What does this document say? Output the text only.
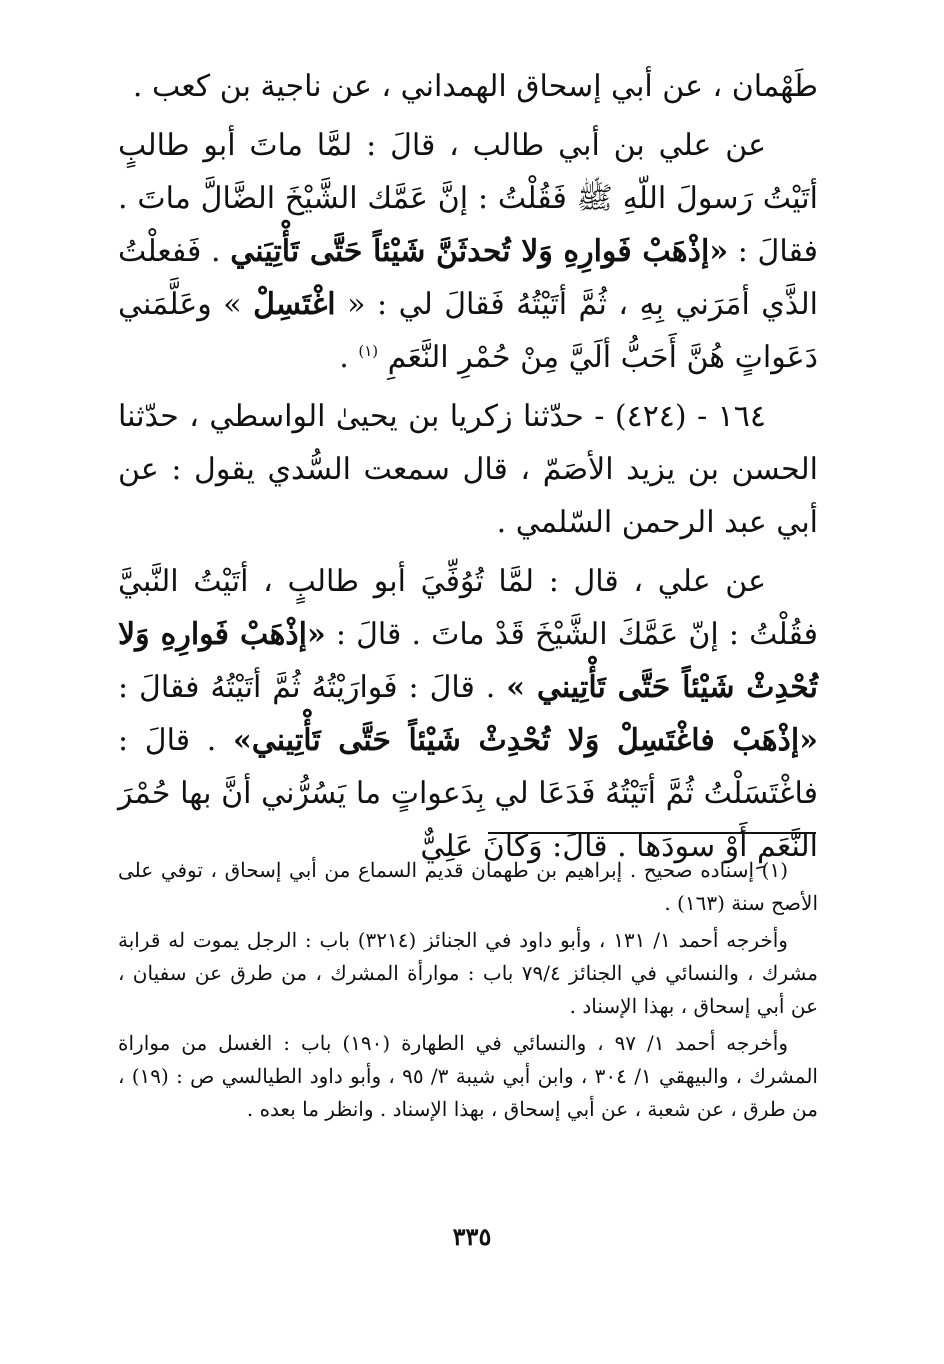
طَهْمان ، عن أبي إسحاق الهمداني ، عن ناجية بن كعب .

عن علي بن أبي طالب ، قالَ : لمَّا ماتَ أبو طالبٍ أتَيْتُ رَسولَ اللّهِ ﷺ فَقُلْتُ : إنَّ عَمَّك الشَّيْخَ الضَّالَّ ماتَ . فقالَ : «إذْهَبْ فَوارِهِ وَلا تُحدثَنَّ شَيْئاً حَتَّى تَأْتِيَني . فَفعلْتُ الذَّي أمَرَني بِهِ ، ثُمَّ أتَيْتُهُ فَقالَ لي : « اغْتَسِلْ » وعَلَّمَني دَعَواتٍ هُنَّ أَحَبُّ ألَيَّ مِنْ حُمْرِ النَّعَمِ $^{(١)}$ .

١٦٤ - (٤٢٤) - حدّثنا زكريا بن يحيىٰ الواسطي ، حدّثنا الحسن بن يزيد الأصَمّ ، قال سمعت السُّدي يقول : عن أبي عبد الرحمن السّلمي .

عن علي ، قال : لمَّا تُوُفِّيَ أبو طالبٍ ، أتَيْتُ النَّبيَّ فقُلْتُ : إنّ عَمَّكَ الشَّيْخَ قَدْ ماتَ . قالَ : «إذْهَبْ فَوارِهِ وَلا تُحْدِثْ شَيْئاً حَتَّى تَأْتِيني » . قالَ : فَوارَيْتُهُ ثُمَّ أتَيْتُهُ فقالَ : «إذْهَبْ فاغْتَسِلْ وَلا تُحْدِثْ شَيْئاً حَتَّى تَأْتِيني» . قالَ : فاغْتَسَلْتُ ثُمَّ أتَيْتُهُ فَدَعَا لي بِدَعواتٍ ما يَسُرُّني أنَّ بها حُمْرَ النَّعَمِ أَوْ سودَها . قالَ: وَكانَ عَلِيٌّ

(١) إسناده صحيح . إبراهيم بن طهمان قديم السماع من أبي إسحاق ، توفي على الأصح سنة (١٦٣) .

وأخرجه أحمد ١/ ١٣١ ، وأبو داود في الجنائز (٣٢١٤) باب : الرجل يموت له قرابة مشرك ، والنسائي في الجنائز ٧٩/٤ باب : موارأة المشرك ، من طرق عن سفيان ، عن أبي إسحاق ، بهذا الإسناد .

وأخرجه أحمد ١/ ٩٧ ، والنسائي في الطهارة (١٩٠) باب : الغسل من مواراة المشرك ، والبيهقي ١/ ٣٠٤ ، وابن أبي شيبة ٣/ ٩٥ ، وأبو داود الطيالسي ص : (١٩) ، من طرق ، عن شعبة ، عن أبي إسحاق ، بهذا الإسناد . وانظر ما بعده .

٣٣٥
